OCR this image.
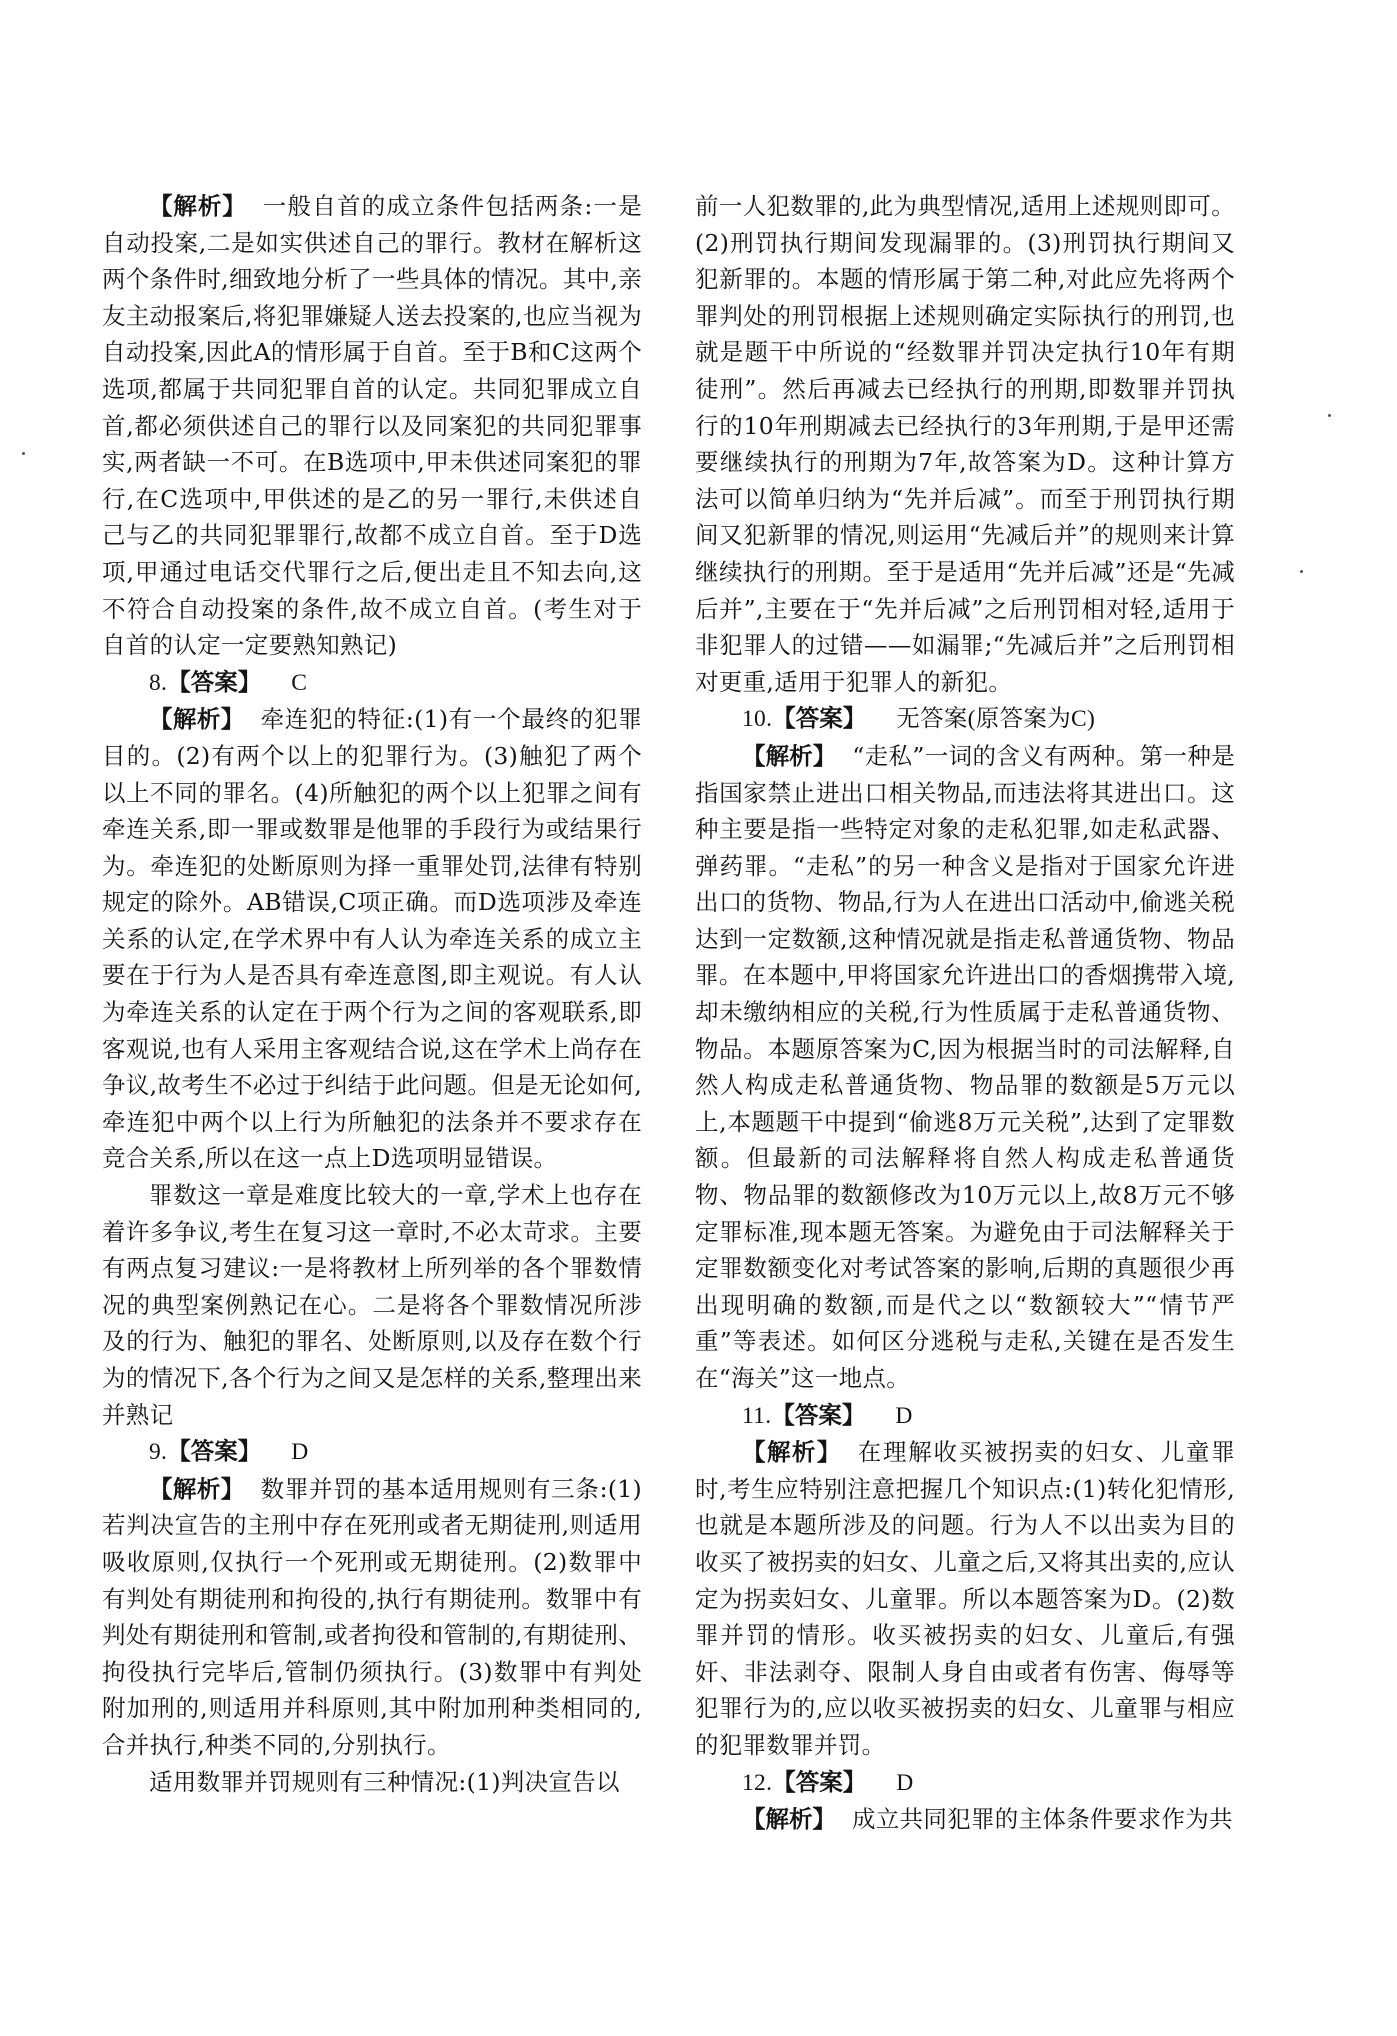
【解析】 一般自首的成立条件包括两条:一是自动投案,二是如实供述自己的罪行。教材在解析这两个条件时,细致地分析了一些具体的情况。其中,亲友主动报案后,将犯罪嫌疑人送去投案的,也应当视为自动投案,因此A的情形属于自首。至于B和C这两个选项,都属于共同犯罪自首的认定。共同犯罪成立自首,都必须供述自己的罪行以及同案犯的共同犯罪事实,两者缺一不可。在B选项中,甲未供述同案犯的罪行,在C选项中,甲供述的是乙的另一罪行,未供述自己与乙的共同犯罪罪行,故都不成立自首。至于D选项,甲通过电话交代罪行之后,便出走且不知去向,这不符合自动投案的条件,故不成立自首。(考生对于自首的认定一定要熟知熟记)

8.【答案】 C

【解析】 牵连犯的特征:(1)有一个最终的犯罪目的。(2)有两个以上的犯罪行为。(3)触犯了两个以上不同的罪名。(4)所触犯的两个以上犯罪之间有牵连关系,即一罪或数罪是他罪的手段行为或结果行为。牵连犯的处断原则为择一重罪处罚,法律有特别规定的除外。AB错误,C项正确。而D选项涉及牵连关系的认定,在学术界中有人认为牵连关系的成立主要在于行为人是否具有牵连意图,即主观说。有人认为牵连关系的认定在于两个行为之间的客观联系,即客观说,也有人采用主客观结合说,这在学术上尚存在争议,故考生不必过于纠结于此问题。但是无论如何,牵连犯中两个以上行为所触犯的法条并不要求存在竞合关系,所以在这一点上D选项明显错误。

罪数这一章是难度比较大的一章,学术上也存在着许多争议,考生在复习这一章时,不必太苛求。主要有两点复习建议:一是将教材上所列举的各个罪数情况的典型案例熟记在心。二是将各个罪数情况所涉及的行为、触犯的罪名、处断原则,以及存在数个行为的情况下,各个行为之间又是怎样的关系,整理出来并熟记

9.【答案】 D

【解析】 数罪并罚的基本适用规则有三条:(1)若判决宣告的主刑中存在死刑或者无期徒刑,则适用吸收原则,仅执行一个死刑或无期徒刑。(2)数罪中有判处有期徒刑和拘役的,执行有期徒刑。数罪中有判处有期徒刑和管制,或者拘役和管制的,有期徒刑、拘役执行完毕后,管制仍须执行。(3)数罪中有判处附加刑的,则适用并科原则,其中附加刑种类相同的,合并执行,种类不同的,分别执行。

适用数罪并罚规则有三种情况:(1)判决宣告以

前一人犯数罪的,此为典型情况,适用上述规则即可。(2)刑罚执行期间发现漏罪的。(3)刑罚执行期间又犯新罪的。本题的情形属于第二种,对此应先将两个罪判处的刑罚根据上述规则确定实际执行的刑罚,也就是题干中所说的“经数罪并罚决定执行10年有期徒刑”。然后再减去已经执行的刑期,即数罪并罚执行的10年刑期减去已经执行的3年刑期,于是甲还需要继续执行的刑期为7年,故答案为D。这种计算方法可以简单归纳为“先并后减”。而至于刑罚执行期间又犯新罪的情况,则运用“先减后并”的规则来计算继续执行的刑期。至于是适用“先并后减”还是“先减后并”,主要在于“先并后减”之后刑罚相对轻,适用于非犯罪人的过错——如漏罪;“先减后并”之后刑罚相对更重,适用于犯罪人的新犯。

10.【答案】 无答案(原答案为C)

【解析】 “走私”一词的含义有两种。第一种是指国家禁止进出口相关物品,而违法将其进出口。这种主要是指一些特定对象的走私犯罪,如走私武器、弹药罪。“走私”的另一种含义是指对于国家允许进出口的货物、物品,行为人在进出口活动中,偷逃关税达到一定数额,这种情况就是指走私普通货物、物品罪。在本题中,甲将国家允许进出口的香烟携带入境,却未缴纳相应的关税,行为性质属于走私普通货物、物品。本题原答案为C,因为根据当时的司法解释,自然人构成走私普通货物、物品罪的数额是5万元以上,本题题干中提到“偷逃8万元关税”,达到了定罪数额。但最新的司法解释将自然人构成走私普通货物、物品罪的数额修改为10万元以上,故8万元不够定罪标准,现本题无答案。为避免由于司法解释关于定罪数额变化对考试答案的影响,后期的真题很少再出现明确的数额,而是代之以“数额较大”“情节严重”等表述。如何区分逃税与走私,关键在是否发生在“海关”这一地点。

11.【答案】 D

【解析】 在理解收买被拐卖的妇女、儿童罪时,考生应特别注意把握几个知识点:(1)转化犯情形,也就是本题所涉及的问题。行为人不以出卖为目的收买了被拐卖的妇女、儿童之后,又将其出卖的,应认定为拐卖妇女、儿童罪。所以本题答案为D。(2)数罪并罚的情形。收买被拐卖的妇女、儿童后,有强奸、非法剥夺、限制人身自由或者有伤害、侮辱等犯罪行为的,应以收买被拐卖的妇女、儿童罪与相应的犯罪数罪并罚。

12.【答案】 D

【解析】 成立共同犯罪的主体条件要求作为共
